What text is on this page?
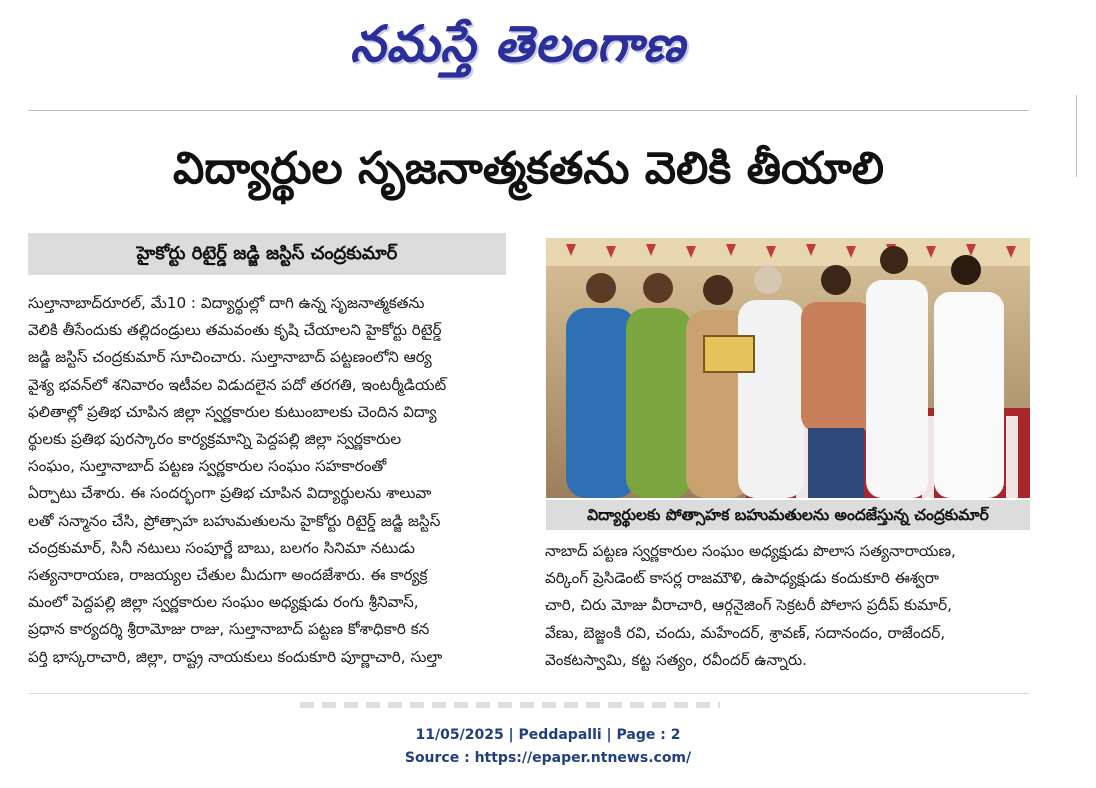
నమస్తే తెలంగాణ
విద్యార్థుల సృజనాత్మకతను వెలికి తీయాలి
హైకోర్టు రిటైర్డ్ జడ్జి జస్టిస్ చంద్రకుమార్

సుల్తానాబాద్‌రూరల్, మే10 : విద్యార్థుల్లో దాగి ఉన్న సృజనాత్మకతను

వెలికి తీసేందుకు తల్లిదండ్రులు తమవంతు కృషి చేయాలని హైకోర్టు రిటైర్డ్

జడ్జి జస్టిస్ చంద్రకుమార్ సూచించారు. సుల్తానాబాద్ పట్టణంలోని ఆర్య

వైశ్య భవన్‌లో శనివారం ఇటీవల విడుదలైన పదో తరగతి, ఇంటర్మీడియట్

ఫలితాల్లో ప్రతిభ చూపిన జిల్లా స్వర్ణకారుల కుటుంబాలకు చెందిన విద్యా

ర్థులకు ప్రతిభ పురస్కారం కార్యక్రమాన్ని పెద్దపల్లి జిల్లా స్వర్ణకారుల

సంఘం, సుల్తానాబాద్ పట్టణ స్వర్ణకారుల సంఘం సహకారంతో

ఏర్పాటు చేశారు. ఈ సందర్భంగా ప్రతిభ చూపిన విద్యార్థులను శాలువా

లతో సన్మానం చేసి, ప్రోత్సాహ బహుమతులను హైకోర్టు రిటైర్డ్ జడ్జి జస్టిస్

చంద్రకుమార్, సినీ నటులు సంపూర్ణే బాబు, బలగం సినిమా నటుడు

సత్యనారాయణ, రాజయ్యల చేతుల మీదుగా అందజేశారు. ఈ కార్యక్ర

మంలో పెద్దపల్లి జిల్లా స్వర్ణకారుల సంఘం అధ్యక్షుడు రంగు శ్రీనివాస్,

ప్రధాన కార్యదర్శి శ్రీరామోజు రాజు, సుల్తానాబాద్ పట్టణ కోశాధికారి కన

పర్తి భాస్కరాచారి, జిల్లా, రాష్ట్ర నాయకులు కందుకూరి పూర్ణాచారి, సుల్తా

విద్యార్థులకు పోత్సాహక బహుమతులను అందజేస్తున్న చంద్రకుమార్

నాబాద్ పట్టణ స్వర్ణకారుల సంఘం అధ్యక్షుడు పొలాస సత్యనారాయణ,

వర్కింగ్ ప్రెసిడెంట్ కాసర్ల రాజమౌళి, ఉపాధ్యక్షుడు కందుకూరి ఈశ్వరా

చారి, చిరు మోజు వీరాచారి, ఆర్గనైజింగ్ సెక్రటరీ పోలాస ప్రదీప్ కుమార్,

వేణు, బెజ్జంకి రవి, చందు, మహేందర్, శ్రావణ్, సదానందం, రాజేందర్,

వెంకటస్వామి, కట్ట సత్యం, రవీందర్ ఉన్నారు.

11/05/2025 | Peddapalli | Page : 2
Source : https://epaper.ntnews.com/
